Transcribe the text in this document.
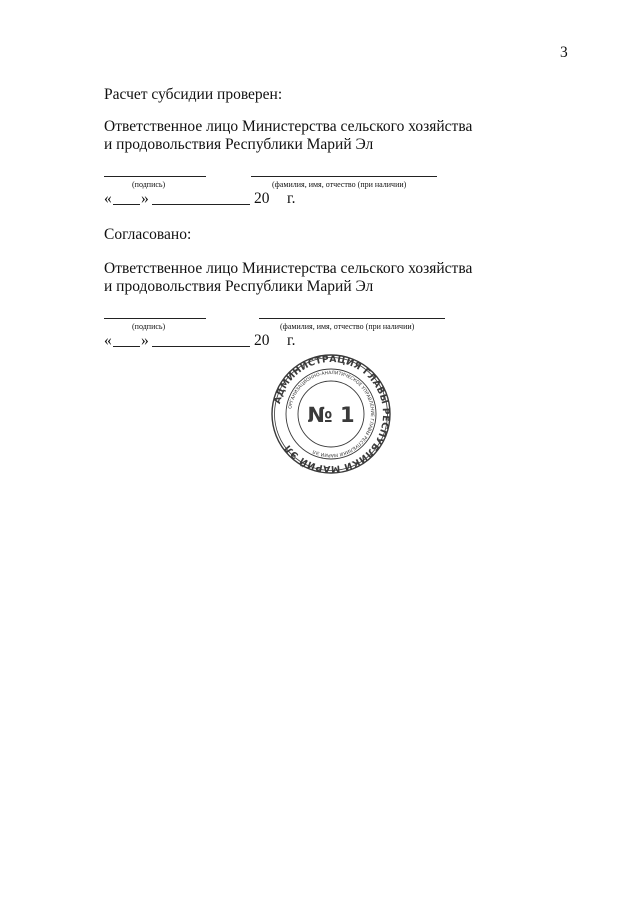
3
Расчет субсидии проверен:
Ответственное лицо Министерства сельского хозяйства
и продовольствия Республики Марий Эл
(подпись)	(фамилия, имя, отчество (при наличии)
« »	20 г.
Согласовано:
Ответственное лицо Министерства сельского хозяйства
и продовольствия Республики Марий Эл
(подпись)	(фамилия, имя, отчество (при наличии)
« »	20 г.
АДМИНИСТРАЦИЯ ГЛАВЫ РЕСПУБЛИКИ МАРИЙ ЭЛ
ОРГАНИЗАЦИОННО-АНАЛИТИЧЕСКОЕ УПРАВЛЕНИЕ ГЛАВЫ РЕСПУБЛИКИ МАРИЙ ЭЛ
№ 1
